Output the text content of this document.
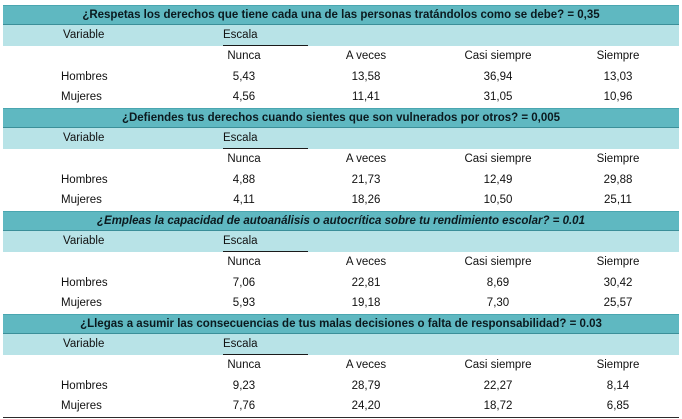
¿Respetas los derechos que tiene cada una de las personas tratándolos como se debe? = 0,35
Variable	Escala
Nunca	A veces	Casi siempre	Siempre
Hombres	5,43	13,58	36,94	13,03
Mujeres	4,56	11,41	31,05	10,96
¿Defiendes tus derechos cuando sientes que son vulnerados por otros? = 0,005
Variable	Escala
Nunca	A veces	Casi siempre	Siempre
Hombres	4,88	21,73	12,49	29,88
Mujeres	4,11	18,26	10,50	25,11
¿Empleas la capacidad de autoanálisis o autocrítica sobre tu rendimiento escolar? = 0.01
Variable	Escala
Nunca	A veces	Casi siempre	Siempre
Hombres	7,06	22,81	8,69	30,42
Mujeres	5,93	19,18	7,30	25,57
¿Llegas a asumir las consecuencias de tus malas decisiones o falta de responsabilidad? = 0.03
Variable	Escala
Nunca	A veces	Casi siempre	Siempre
Hombres	9,23	28,79	22,27	8,14
Mujeres	7,76	24,20	18,72	6,85
